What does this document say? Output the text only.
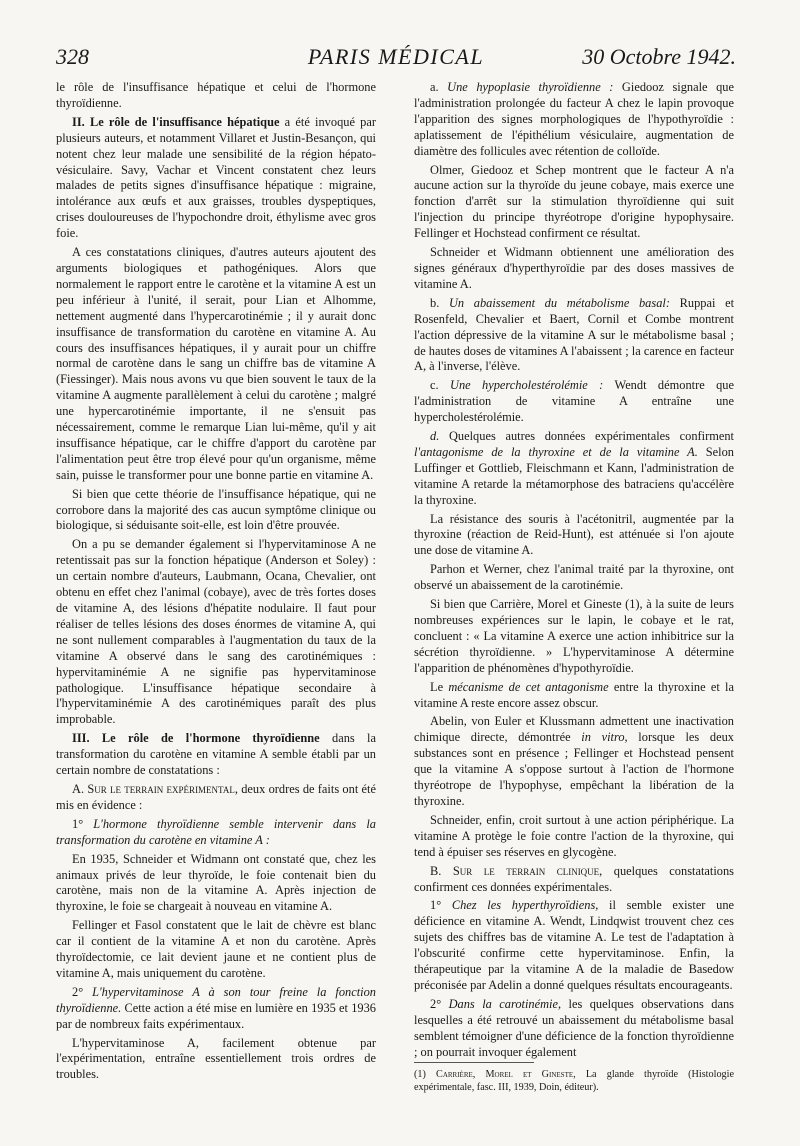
328	PARIS MÉDICAL	30 Octobre 1942.

le rôle de l'insuffisance hépatique et celui de l'hormone thyroïdienne.

II. Le rôle de l'insuffisance hépatique a été invoqué par plusieurs auteurs, et notamment Villaret et Justin-Besançon, qui notent chez leur malade une sensibilité de la région hépato-vésiculaire. Savy, Vachar et Vincent constatent chez leurs malades de petits signes d'insuffisance hépatique : migraine, intolérance aux œufs et aux graisses, troubles dyspeptiques, crises douloureuses de l'hypochondre droit, éthylisme avec gros foie.

A ces constatations cliniques, d'autres auteurs ajoutent des arguments biologiques et pathogéniques. Alors que normalement le rapport entre le carotène et la vitamine A est un peu inférieur à l'unité, il serait, pour Lian et Alhomme, nettement augmenté dans l'hypercarotinémie ; il y aurait donc insuffisance de transformation du carotène en vitamine A. Au cours des insuffisances hépatiques, il y aurait pour un chiffre normal de carotène dans le sang un chiffre bas de vitamine A (Fiessinger). Mais nous avons vu que bien souvent le taux de la vitamine A augmente parallèlement à celui du carotène ; malgré une hypercarotinémie importante, il ne s'ensuit pas nécessairement, comme le remarque Lian lui-même, qu'il y ait insuffisance hépatique, car le chiffre d'apport du carotène par l'alimentation peut être trop élevé pour qu'un organisme, même sain, puisse le transformer pour une bonne partie en vitamine A.

Si bien que cette théorie de l'insuffisance hépatique, qui ne corrobore dans la majorité des cas aucun symptôme clinique ou biologique, si séduisante soit-elle, est loin d'être prouvée.

On a pu se demander également si l'hypervitaminose A ne retentissait pas sur la fonction hépatique (Anderson et Soley) : un certain nombre d'auteurs, Laubmann, Ocana, Chevalier, ont obtenu en effet chez l'animal (cobaye), avec de très fortes doses de vitamine A, des lésions d'hépatite nodulaire. Il faut pour réaliser de telles lésions des doses énormes de vitamine A, qui ne sont nullement comparables à l'augmentation du taux de la vitamine A observé dans le sang des carotinémiques : hypervitaminémie A ne signifie pas hypervitaminose pathologique. L'insuffisance hépatique secondaire à l'hypervitaminémie A des carotinémiques paraît des plus improbable.

III. Le rôle de l'hormone thyroïdienne dans la transformation du carotène en vitamine A semble établi par un certain nombre de constatations :

A. Sur le terrain expérimental, deux ordres de faits ont été mis en évidence :

1° L'hormone thyroïdienne semble intervenir dans la transformation du carotène en vitamine A :

En 1935, Schneider et Widmann ont constaté que, chez les animaux privés de leur thyroïde, le foie contenait bien du carotène, mais non de la vitamine A. Après injection de thyroxine, le foie se chargeait à nouveau en vitamine A.

Fellinger et Fasol constatent que le lait de chèvre est blanc car il contient de la vitamine A et non du carotène. Après thyroïdectomie, ce lait devient jaune et ne contient plus de vitamine A, mais uniquement du carotène.

2° L'hypervitaminose A à son tour freine la fonction thyroïdienne. Cette action a été mise en lumière en 1935 et 1936 par de nombreux faits expérimentaux.

L'hypervitaminose A, facilement obtenue par l'expérimentation, entraîne essentiellement trois ordres de troubles.

a. Une hypoplasie thyroïdienne : Giedooz signale que l'administration prolongée du facteur A chez le lapin provoque l'apparition des signes morphologiques de l'hypothyroïdie : aplatissement de l'épithélium vésiculaire, augmentation de diamètre des follicules avec rétention de colloïde.

Olmer, Giedooz et Schep montrent que le facteur A n'a aucune action sur la thyroïde du jeune cobaye, mais exerce une fonction d'arrêt sur la stimulation thyroïdienne qui suit l'injection du principe thyréotrope d'origine hypophysaire. Fellinger et Hochstead confirment ce résultat.

Schneider et Widmann obtiennent une amélioration des signes généraux d'hyperthyroïdie par des doses massives de vitamine A.

b. Un abaissement du métabolisme basal: Ruppai et Rosenfeld, Chevalier et Baert, Cornil et Combe montrent l'action dépressive de la vitamine A sur le métabolisme basal ; de hautes doses de vitamines A l'abaissent ; la carence en facteur A, à l'inverse, l'élève.

c. Une hypercholestérolémie : Wendt démontre que l'administration de vitamine A entraîne une hypercholestérolémie.

d. Quelques autres données expérimentales confirment l'antagonisme de la thyroxine et de la vitamine A. Selon Luffinger et Gottlieb, Fleischmann et Kann, l'administration de vitamine A retarde la métamorphose des batraciens qu'accélère la thyroxine.

La résistance des souris à l'acétonitril, augmentée par la thyroxine (réaction de Reid-Hunt), est atténuée si l'on ajoute une dose de vitamine A.

Parhon et Werner, chez l'animal traité par la thyroxine, ont observé un abaissement de la carotinémie.

Si bien que Carrière, Morel et Gineste (1), à la suite de leurs nombreuses expériences sur le lapin, le cobaye et le rat, concluent : « La vitamine A exerce une action inhibitrice sur la sécrétion thyroïdienne. » L'hypervitaminose A détermine l'apparition de phénomènes d'hypothyroïdie.

Le mécanisme de cet antagonisme entre la thyroxine et la vitamine A reste encore assez obscur.

Abelin, von Euler et Klussmann admettent une inactivation chimique directe, démontrée in vitro, lorsque les deux substances sont en présence ; Fellinger et Hochstead pensent que la vitamine A s'oppose surtout à l'action de l'hormone thyréotrope de l'hypophyse, empêchant la libération de la thyroxine.

Schneider, enfin, croit surtout à une action périphérique. La vitamine A protège le foie contre l'action de la thyroxine, qui tend à épuiser ses réserves en glycogène.

B. Sur le terrain clinique, quelques constatations confirment ces données expérimentales.

1° Chez les hyperthyroïdiens, il semble exister une déficience en vitamine A. Wendt, Lindqwist trouvent chez ces sujets des chiffres bas de vitamine A. Le test de l'adaptation à l'obscurité confirme cette hypervitaminose. Enfin, la thérapeutique par la vitamine A de la maladie de Basedow préconisée par Adelin a donné quelques résultats encourageants.

2° Dans la carotinémie, les quelques observations dans lesquelles a été retrouvé un abaissement du métabolisme basal semblent témoigner d'une déficience de la fonction thyroïdienne ; on pourrait invoquer également

(1) Carrière, Morel et Gineste, La glande thyroïde (Histologie expérimentale, fasc. III, 1939, Doin, éditeur).
